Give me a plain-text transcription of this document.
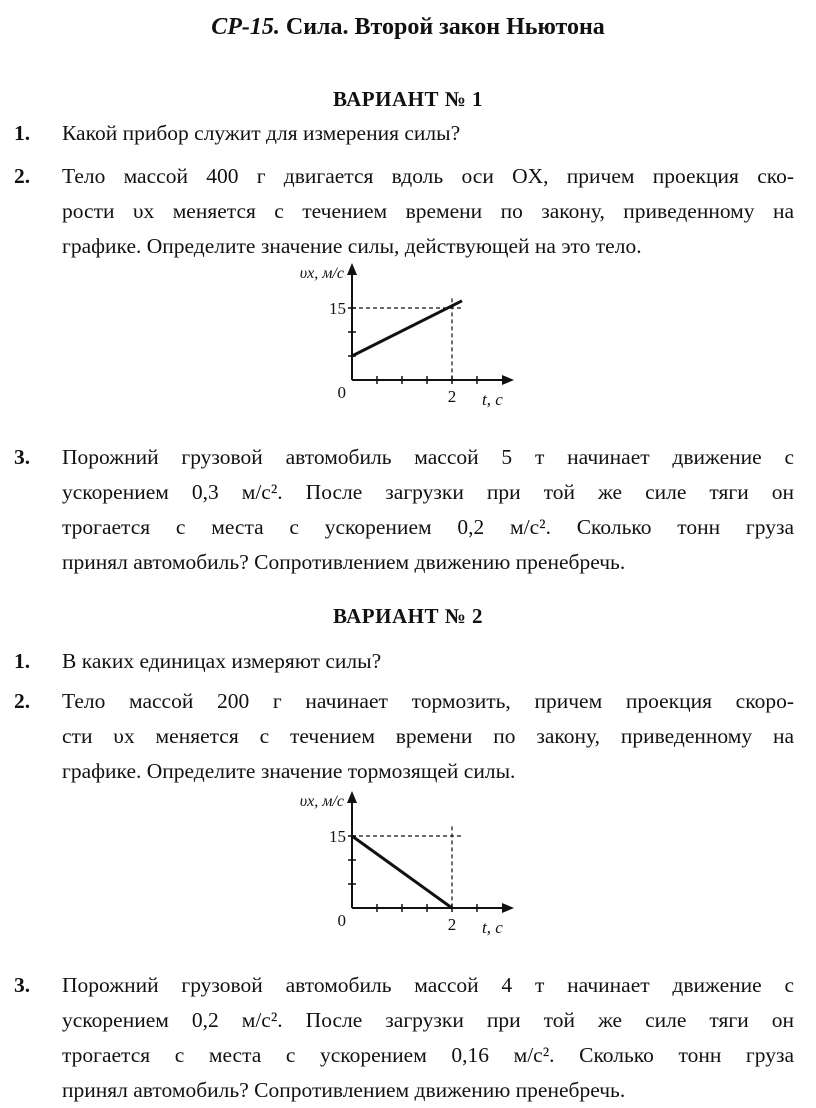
СР-15. Сила. Второй закон Ньютона
ВАРИАНТ № 1
1.	Какой прибор служит для измерения силы?
2.	Тело массой 400 г двигается вдоль оси OX, причем проекция ско-
рости υx меняется с течением времени по закону, приведенному на
графике. Определите значение силы, действующей на это тело.
15
0	2 t, с
υx, м/с
3.	Порожний грузовой автомобиль массой 5 т начинает движение с
ускорением 0,3 м/с². После загрузки при той же силе тяги он
трогается с места с ускорением 0,2 м/с². Сколько тонн груза
принял автомобиль? Сопротивлением движению пренебречь.
ВАРИАНТ № 2
1.	В каких единицах измеряют силы?
2.	Тело массой 200 г начинает тормозить, причем проекция скоро-
сти υx меняется с течением времени по закону, приведенному на
графике. Определите значение тормозящей силы.
15
0	2 t, с
υx, м/с
3.	Порожний грузовой автомобиль массой 4 т начинает движение с
ускорением 0,2 м/с². После загрузки при той же силе тяги он
трогается с места с ускорением 0,16 м/с². Сколько тонн груза
принял автомобиль? Сопротивлением движению пренебречь.
